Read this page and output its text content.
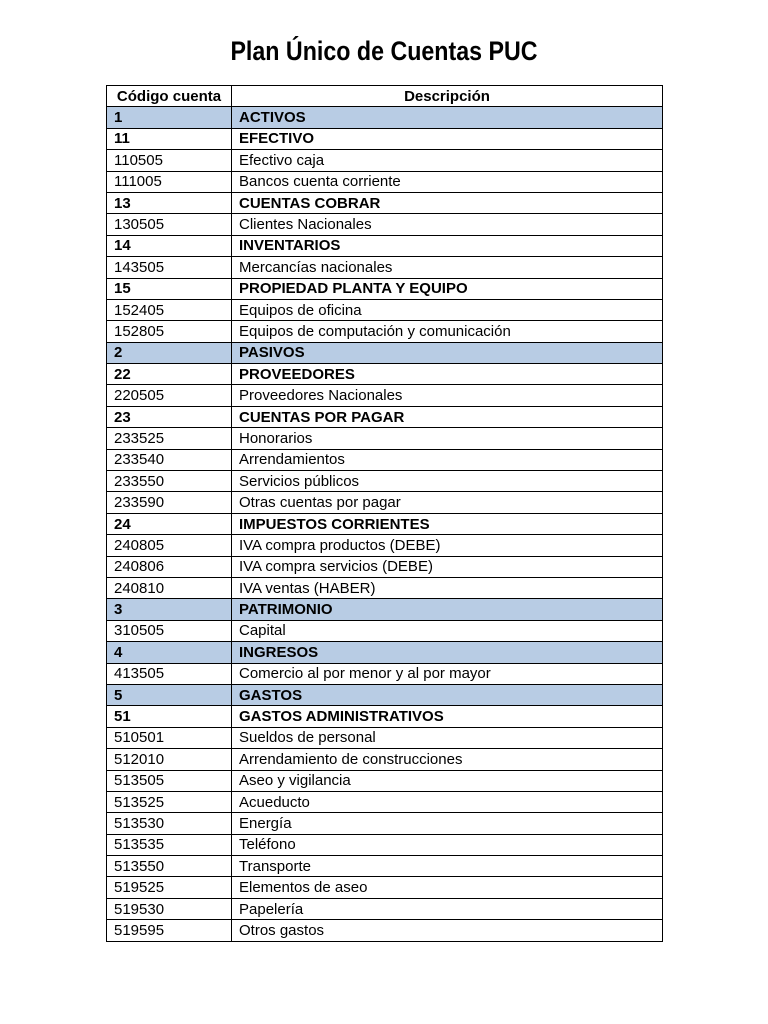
Plan Único de Cuentas PUC
Código cuenta	Descripción
1	ACTIVOS
11	EFECTIVO
110505	Efectivo caja
111005	Bancos cuenta corriente
13	CUENTAS COBRAR
130505	Clientes Nacionales
14	INVENTARIOS
143505	Mercancías nacionales
15	PROPIEDAD PLANTA Y EQUIPO
152405	Equipos de oficina
152805	Equipos de computación y comunicación
2	PASIVOS
22	PROVEEDORES
220505	Proveedores Nacionales
23	CUENTAS POR PAGAR
233525	Honorarios
233540	Arrendamientos
233550	Servicios públicos
233590	Otras cuentas por pagar
24	IMPUESTOS CORRIENTES
240805	IVA compra productos (DEBE)
240806	IVA compra servicios (DEBE)
240810	IVA ventas (HABER)
3	PATRIMONIO
310505	Capital
4	INGRESOS
413505	Comercio al por menor y al por mayor
5	GASTOS
51	GASTOS ADMINISTRATIVOS
510501	Sueldos de personal
512010	Arrendamiento de construcciones
513505	Aseo y vigilancia
513525	Acueducto
513530	Energía
513535	Teléfono
513550	Transporte
519525	Elementos de aseo
519530	Papelería
519595	Otros gastos
